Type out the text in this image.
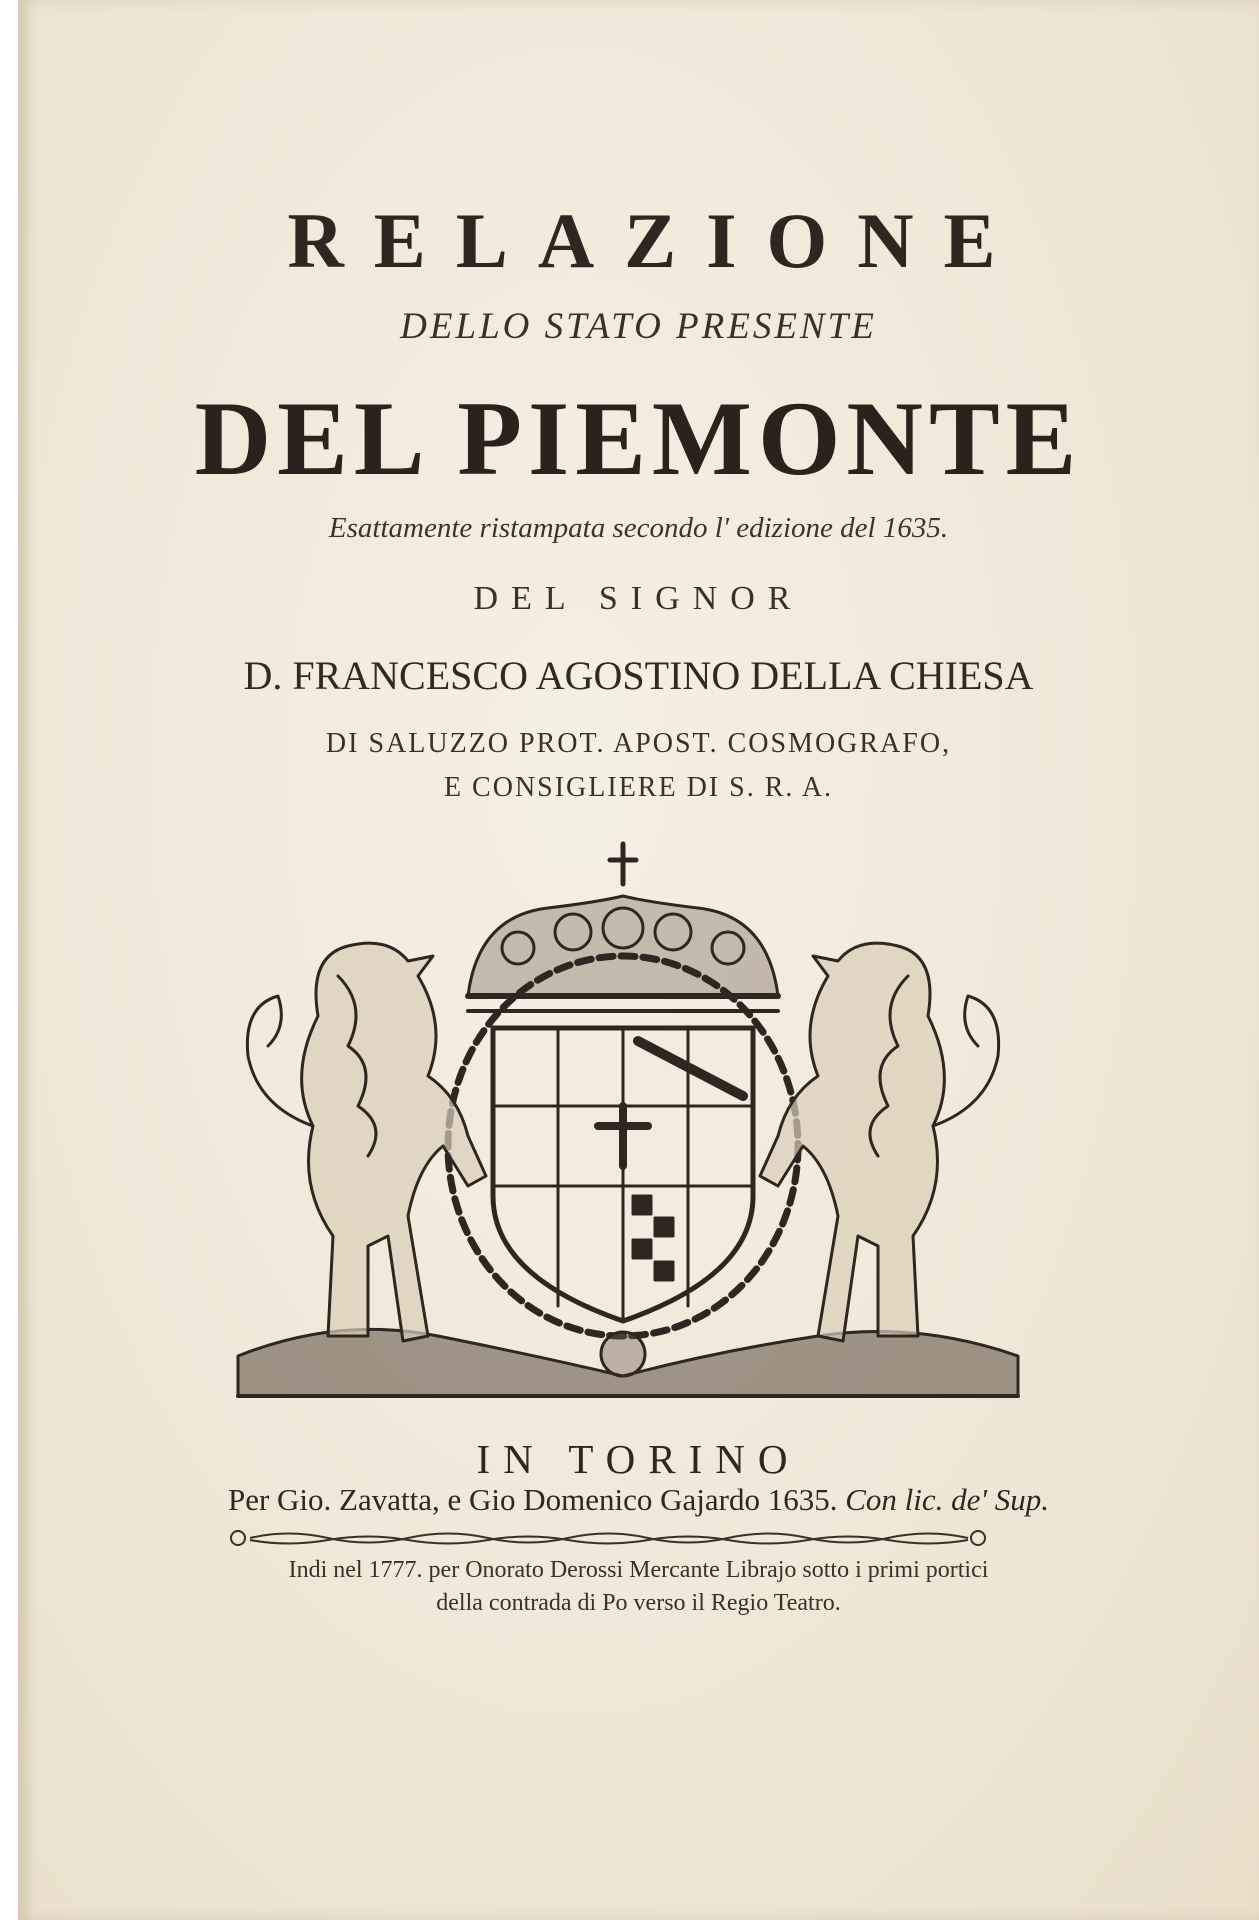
RELAZIONE

DELLO STATO PRESENTE

DEL PIEMONTE

Esattamente ristampata secondo l' edizione del 1635.

DEL SIGNOR

D. FRANCESCO AGOSTINO DELLA CHIESA

DI SALUZZO PROT. APOST. COSMOGRAFO,

E CONSIGLIERE DI S. R. A.

IN TORINO

Per Gio. Zavatta, e Gio Domenico Gajardo 1635. Con lic. de' Sup.

Indi nel 1777. per Onorato Derossi Mercante Librajo sotto i primi portici

della contrada di Po verso il Regio Teatro.
